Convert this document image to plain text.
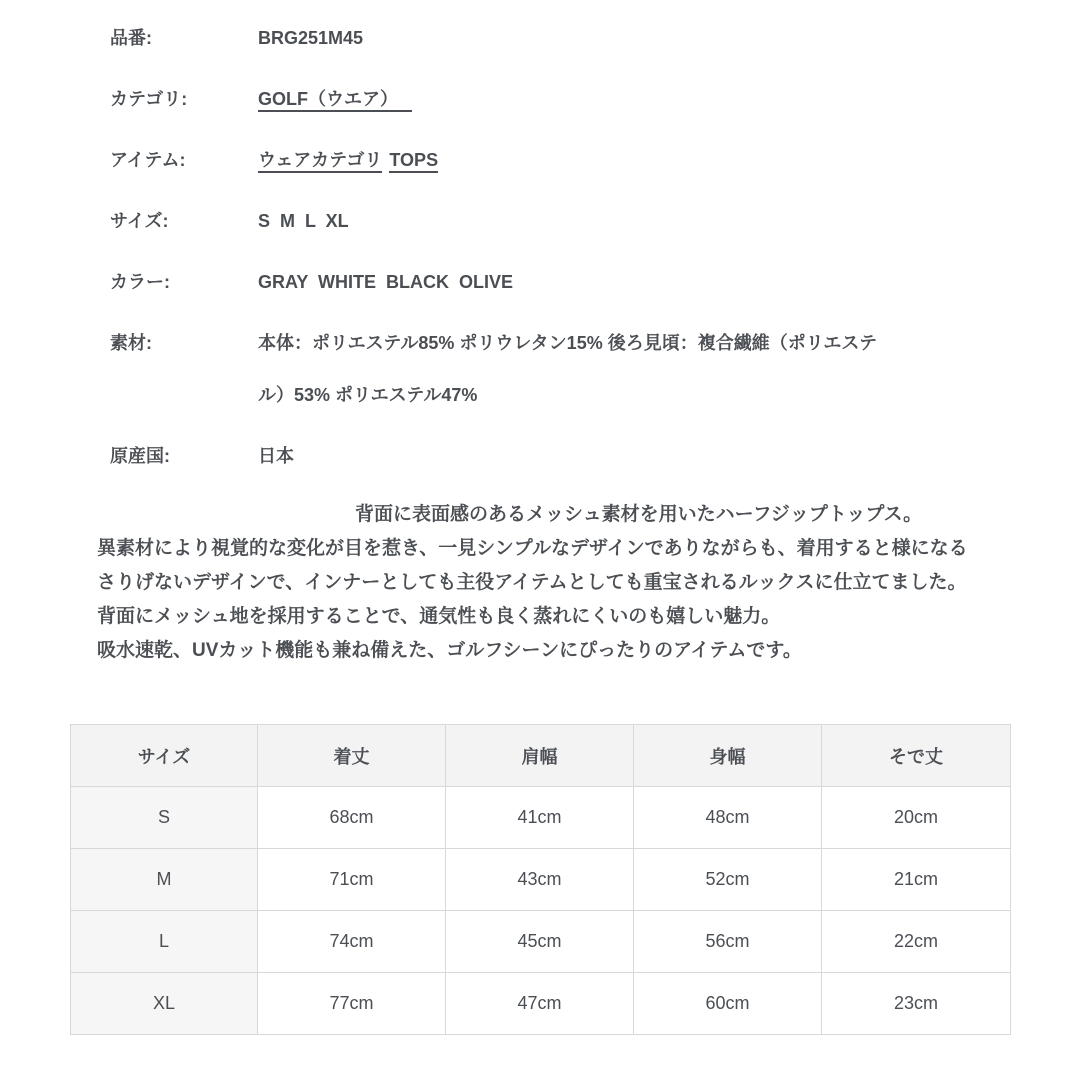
品番:	BRG251M45
カテゴリ:	GOLF（ウエア）
アイテム:	ウェアカテゴリ TOPS
サイズ:	S  M  L  XL
カラー:	GRAY  WHITE  BLACK  OLIVE
素材:	本体：ポリエステル85% ポリウレタン15% 後ろ見頃：複合繊維（ポリエステル）53% ポリエステル47%
原産国:	日本

背面に表面感のあるメッシュ素材を用いたハーフジップトップス。

異素材により視覚的な変化が目を惹き、一見シンプルなデザインでありながらも、着用すると様になる

さりげないデザインで、インナーとしても主役アイテムとしても重宝されるルックスに仕立てました。

背面にメッシュ地を採用することで、通気性も良く蒸れにくいのも嬉しい魅力。

吸水速乾、UVカット機能も兼ね備えた、ゴルフシーンにぴったりのアイテムです。

サイズ	着丈	肩幅	身幅	そで丈
S	68cm	41cm	48cm	20cm
M	71cm	43cm	52cm	21cm
L	74cm	45cm	56cm	22cm
XL	77cm	47cm	60cm	23cm
